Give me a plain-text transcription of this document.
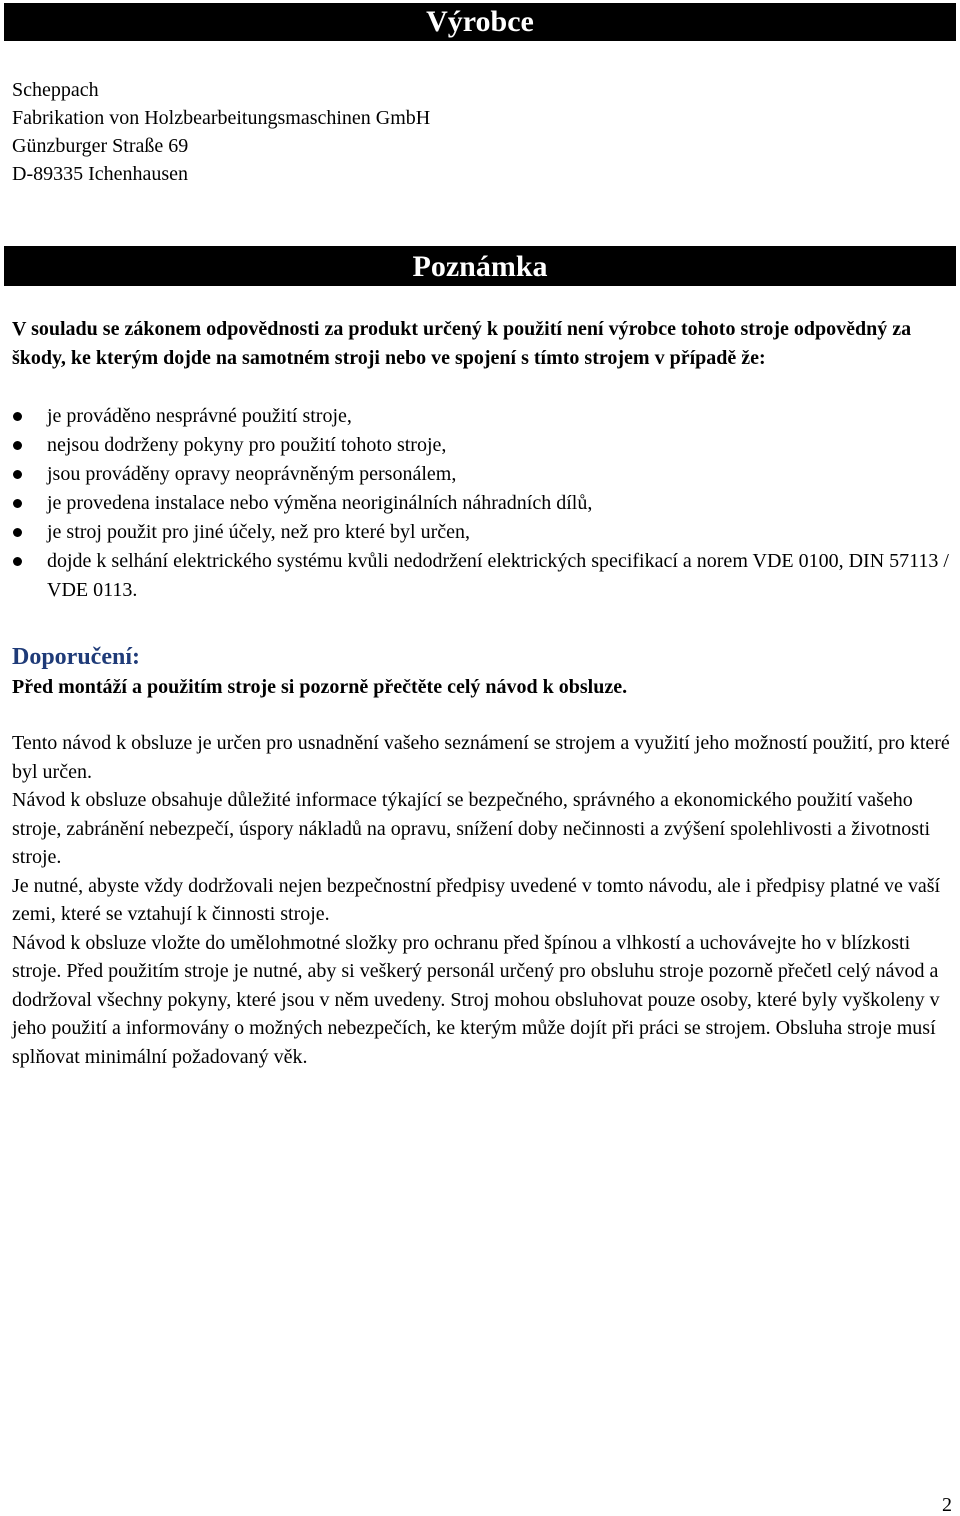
Výrobce
Scheppach
Fabrikation von Holzbearbeitungsmaschinen GmbH
Günzburger Straße 69
D-89335 Ichenhausen
Poznámka
V souladu se zákonem odpovědnosti za produkt určený k použití není výrobce tohoto stroje odpovědný za škody, ke kterým dojde na samotném stroji nebo ve spojení s tímto strojem v případě že:
je prováděno nesprávné použití stroje,
nejsou dodrženy pokyny pro použití tohoto stroje,
jsou prováděny opravy neoprávněným personálem,
je provedena instalace nebo výměna neoriginálních náhradních dílů,
je stroj použit pro jiné účely, než pro které byl určen,
dojde k selhání elektrického systému kvůli nedodržení elektrických specifikací a norem VDE 0100, DIN 57113 / VDE 0113.
Doporučení:
Před montáží a použitím stroje si pozorně přečtěte celý návod k obsluze.

Tento návod k obsluze je určen pro usnadnění vašeho seznámení se strojem a využití jeho možností použití, pro které byl určen.

Návod k obsluze obsahuje důležité informace týkající se bezpečného, správného a ekonomického použití vašeho stroje, zabránění nebezpečí, úspory nákladů na opravu, snížení doby nečinnosti a zvýšení spolehlivosti a životnosti stroje.

Je nutné, abyste vždy dodržovali nejen bezpečnostní předpisy uvedené v tomto návodu, ale i předpisy platné ve vaší zemi, které se vztahují k činnosti stroje.

Návod k obsluze vložte do umělohmotné složky pro ochranu před špínou a vlhkostí a uchovávejte ho v blízkosti stroje. Před použitím stroje je nutné, aby si veškerý personál určený pro obsluhu stroje pozorně přečetl celý návod a dodržoval všechny pokyny, které jsou v něm uvedeny. Stroj mohou obsluhovat pouze osoby, které byly vyškoleny v jeho použití a informovány o možných nebezpečích, ke kterým může dojít při práci se strojem. Obsluha stroje musí splňovat minimální požadovaný věk.

2
